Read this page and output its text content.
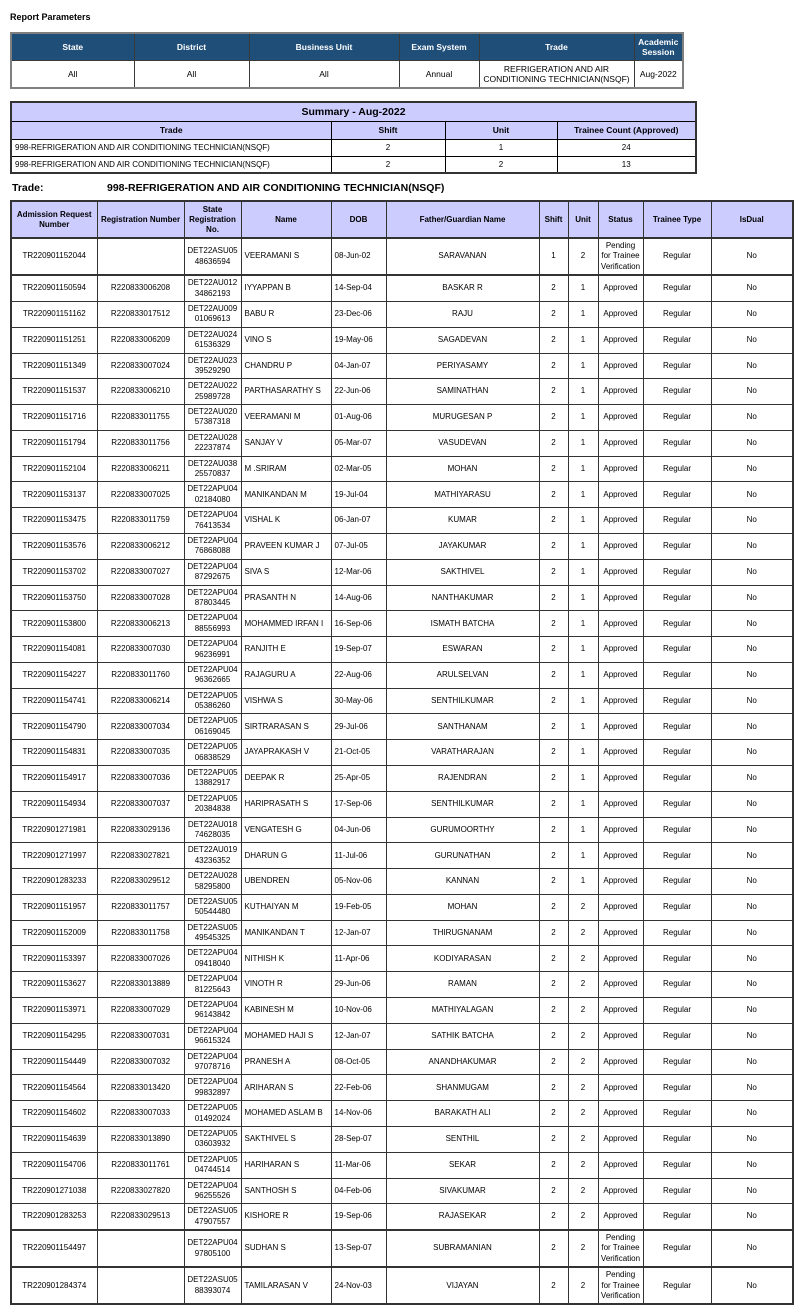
Report Parameters
State	District	Business Unit	Exam System	Trade	Academic Session
All	All	All	Annual	REFRIGERATION AND AIR CONDITIONING TECHNICIAN(NSQF)	Aug-2022
Summary - Aug-2022			
Trade	Shift	Unit	Trainee Count (Approved)
998-REFRIGERATION AND AIR CONDITIONING TECHNICIAN(NSQF)	2	1	24
998-REFRIGERATION AND AIR CONDITIONING TECHNICIAN(NSQF)	2	2	13
Trade:	998-REFRIGERATION AND AIR CONDITIONING TECHNICIAN(NSQF)
Admission Request Number	Registration Number	State Registration No.	Name	DOB	Father/Guardian Name	Shift	Unit	Status	Trainee Type	IsDual
TR220901152044		DET22ASU0548636594	VEERAMANI S	08-Jun-02	SARAVANAN	1	2	Pending for Trainee Verification	Regular	No
TR220901150594	R220833006208	DET22AU01234862193	IYYAPPAN B	14-Sep-04	BASKAR R	2	1	Approved	Regular	No
TR220901151162	R220833017512	DET22AU00901069613	BABU R	23-Dec-06	RAJU	2	1	Approved	Regular	No
TR220901151251	R220833006209	DET22AU02461536329	VINO S	19-May-06	SAGADEVAN	2	1	Approved	Regular	No
TR220901151349	R220833007024	DET22AU02339529290	CHANDRU P	04-Jan-07	PERIYASAMY	2	1	Approved	Regular	No
TR220901151537	R220833006210	DET22AU02225989728	PARTHASARATHY S	22-Jun-06	SAMINATHAN	2	1	Approved	Regular	No
TR220901151716	R220833011755	DET22AU02057387318	VEERAMANI M	01-Aug-06	MURUGESAN P	2	1	Approved	Regular	No
TR220901151794	R220833011756	DET22AU02822237874	SANJAY V	05-Mar-07	VASUDEVAN	2	1	Approved	Regular	No
TR220901152104	R220833006211	DET22AU03825570837	M .SRIRAM	02-Mar-05	MOHAN	2	1	Approved	Regular	No
TR220901153137	R220833007025	DET22APU0402184080	MANIKANDAN M	19-Jul-04	MATHIYARASU	2	1	Approved	Regular	No
TR220901153475	R220833011759	DET22APU0476413534	VISHAL K	06-Jan-07	KUMAR	2	1	Approved	Regular	No
TR220901153576	R220833006212	DET22APU0476868088	PRAVEEN KUMAR J	07-Jul-05	JAYAKUMAR	2	1	Approved	Regular	No
TR220901153702	R220833007027	DET22APU0487292675	SIVA S	12-Mar-06	SAKTHIVEL	2	1	Approved	Regular	No
TR220901153750	R220833007028	DET22APU0487803445	PRASANTH N	14-Aug-06	NANTHAKUMAR	2	1	Approved	Regular	No
TR220901153800	R220833006213	DET22APU0488556993	MOHAMMED IRFAN I	16-Sep-06	ISMATH BATCHA	2	1	Approved	Regular	No
TR220901154081	R220833007030	DET22APU0496236991	RANJITH E	19-Sep-07	ESWARAN	2	1	Approved	Regular	No
TR220901154227	R220833011760	DET22APU0496362665	RAJAGURU A	22-Aug-06	ARULSELVAN	2	1	Approved	Regular	No
TR220901154741	R220833006214	DET22APU0505386260	VISHWA S	30-May-06	SENTHILKUMAR	2	1	Approved	Regular	No
TR220901154790	R220833007034	DET22APU0506169045	SIRTRARASAN S	29-Jul-06	SANTHANAM	2	1	Approved	Regular	No
TR220901154831	R220833007035	DET22APU0506838529	JAYAPRAKASH V	21-Oct-05	VARATHARAJAN	2	1	Approved	Regular	No
TR220901154917	R220833007036	DET22APU0513882917	DEEPAK R	25-Apr-05	RAJENDRAN	2	1	Approved	Regular	No
TR220901154934	R220833007037	DET22APU0520384838	HARIPRASATH S	17-Sep-06	SENTHILKUMAR	2	1	Approved	Regular	No
TR220901271981	R220833029136	DET22AU01874628035	VENGATESH G	04-Jun-06	GURUMOORTHY	2	1	Approved	Regular	No
TR220901271997	R220833027821	DET22AU01943236352	DHARUN G	11-Jul-06	GURUNATHAN	2	1	Approved	Regular	No
TR220901283233	R220833029512	DET22AU02858295800	UBENDREN	05-Nov-06	KANNAN	2	1	Approved	Regular	No
TR220901151957	R220833011757	DET22ASU0550544480	KUTHAIYAN M	19-Feb-05	MOHAN	2	2	Approved	Regular	No
TR220901152009	R220833011758	DET22ASU0549545325	MANIKANDAN T	12-Jan-07	THIRUGNANAM	2	2	Approved	Regular	No
TR220901153397	R220833007026	DET22APU0409418040	NITHISH K	11-Apr-06	KODIYARASAN	2	2	Approved	Regular	No
TR220901153627	R220833013889	DET22APU0481225643	VINOTH R	29-Jun-06	RAMAN	2	2	Approved	Regular	No
TR220901153971	R220833007029	DET22APU0496143842	KABINESH M	10-Nov-06	MATHIYALAGAN	2	2	Approved	Regular	No
TR220901154295	R220833007031	DET22APU0496615324	MOHAMED HAJI S	12-Jan-07	SATHIK BATCHA	2	2	Approved	Regular	No
TR220901154449	R220833007032	DET22APU0497078716	PRANESH A	08-Oct-05	ANANDHAKUMAR	2	2	Approved	Regular	No
TR220901154564	R220833013420	DET22APU0499832897	ARIHARAN S	22-Feb-06	SHANMUGAM	2	2	Approved	Regular	No
TR220901154602	R220833007033	DET22APU0501492024	MOHAMED ASLAM B	14-Nov-06	BARAKATH ALI	2	2	Approved	Regular	No
TR220901154639	R220833013890	DET22APU0503603932	SAKTHIVEL S	28-Sep-07	SENTHIL	2	2	Approved	Regular	No
TR220901154706	R220833011761	DET22APU0504744514	HARIHARAN S	11-Mar-06	SEKAR	2	2	Approved	Regular	No
TR220901271038	R220833027820	DET22APU0496255526	SANTHOSH S	04-Feb-06	SIVAKUMAR	2	2	Approved	Regular	No
TR220901283253	R220833029513	DET22ASU0547907557	KISHORE R	19-Sep-06	RAJASEKAR	2	2	Approved	Regular	No
TR220901154497		DET22APU0497805100	SUDHAN S	13-Sep-07	SUBRAMANIAN	2	2	Pending for Trainee Verification	Regular	No
TR220901284374		DET22ASU0588393074	TAMILARASAN V	24-Nov-03	VIJAYAN	2	2	Pending for Trainee Verification	Regular	No
